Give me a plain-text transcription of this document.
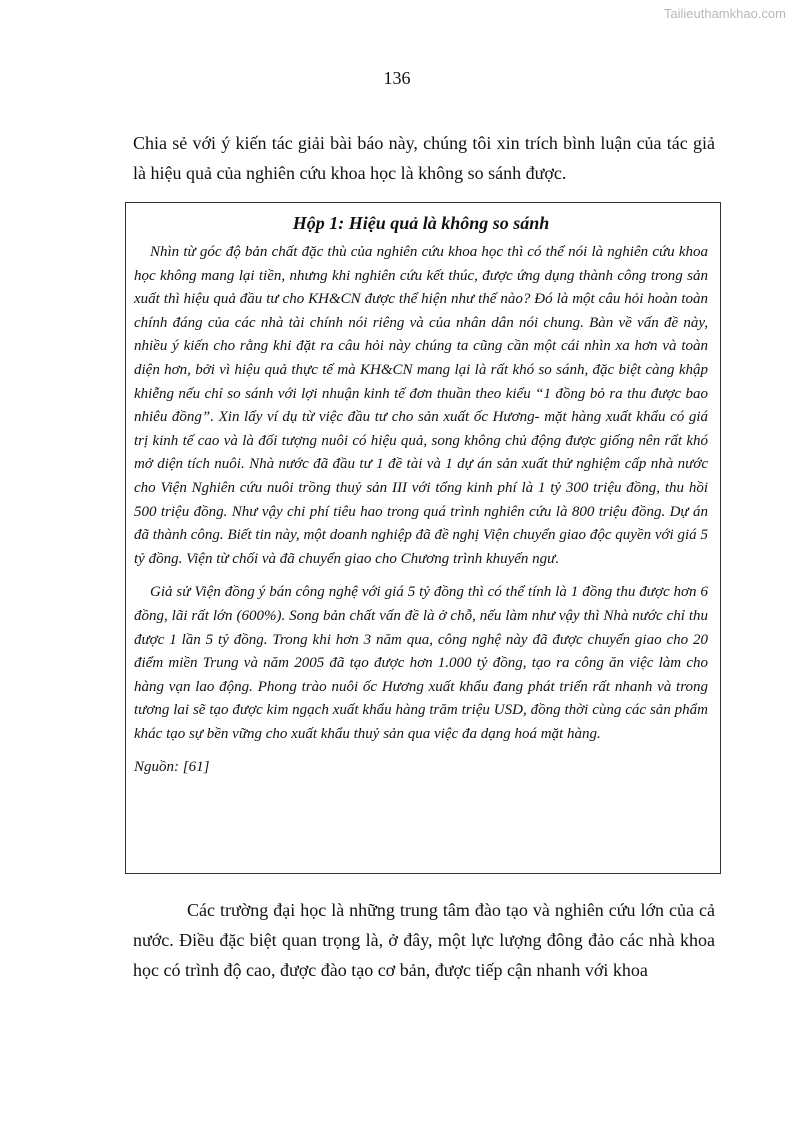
Tailieuthamkhao.com
136

Chia sẻ với ý kiến tác giải bài báo này, chúng tôi xin trích bình luận của tác giả là hiệu quả của nghiên cứu khoa học là không so sánh được.

Hộp 1: Hiệu quả là không so sánh

Nhìn từ góc độ bản chất đặc thù của nghiên cứu khoa học thì có thể nói là nghiên cứu khoa học không mang lại tiền, nhưng khi nghiên cứu kết thúc, được ứng dụng thành công trong sản xuất thì hiệu quả đầu tư cho KH&CN được thể hiện như thế nào? Đó là một câu hỏi hoàn toàn chính đáng của các nhà tài chính nói riêng và của nhân dân nói chung. Bàn về vấn đề này, nhiều ý kiến cho rằng khi đặt ra câu hỏi này chúng ta cũng cần một cái nhìn xa hơn và toàn diện hơn, bởi vì hiệu quả thực tế mà KH&CN mang lại là rất khó so sánh, đặc biệt càng khập khiễng nếu chỉ so sánh với lợi nhuận kinh tế đơn thuần theo kiểu “1 đồng bỏ ra thu được bao nhiêu đồng”. Xin lấy ví dụ từ việc đầu tư cho sản xuất ốc Hương- mặt hàng xuất khẩu có giá trị kinh tế cao và là đối tượng nuôi có hiệu quả, song không chủ động được giống nên rất khó mở diện tích nuôi. Nhà nước đã đầu tư 1 đề tài và 1 dự án sản xuất thử nghiệm cấp nhà nước cho Viện Nghiên cứu nuôi trồng thuỷ sản III với tổng kinh phí là 1 tỷ 300 triệu đồng, thu hồi 500 triệu đồng. Như vậy chi phí tiêu hao trong quá trình nghiên cứu là 800 triệu đồng. Dự án đã thành công. Biết tin này, một doanh nghiệp đã đề nghị Viện chuyển giao độc quyền với giá 5 tỷ đồng. Viện từ chối và đã chuyển giao cho Chương trình khuyến ngư.

Giả sử Viện đồng ý bán công nghệ với giá 5 tỷ đồng thì có thể tính là 1 đồng thu được hơn 6 đồng, lãi rất lớn (600%). Song bản chất vấn đề là ở chỗ, nếu làm như vậy thì Nhà nước chỉ thu được 1 lần 5 tỷ đồng. Trong khi hơn 3 năm qua, công nghệ này đã được chuyển giao cho 20 điểm miền Trung và năm 2005 đã tạo được hơn 1.000 tỷ đồng, tạo ra công ăn việc làm cho hàng vạn lao động. Phong trào nuôi ốc Hương xuất khẩu đang phát triển rất nhanh và trong tương lai sẽ tạo được kim ngạch xuất khẩu hàng trăm triệu USD, đồng thời cùng các sản phẩm khác tạo sự bền vững cho xuất khẩu thuỷ sản qua việc đa dạng hoá mặt hàng.

Nguồn: [61]

Các trường đại học là những trung tâm đào tạo và nghiên cứu lớn của cả nước. Điều đặc biệt quan trọng là, ở đây, một lực lượng đông đảo các nhà khoa học có trình độ cao, được đào tạo cơ bản, được tiếp cận nhanh với khoa
